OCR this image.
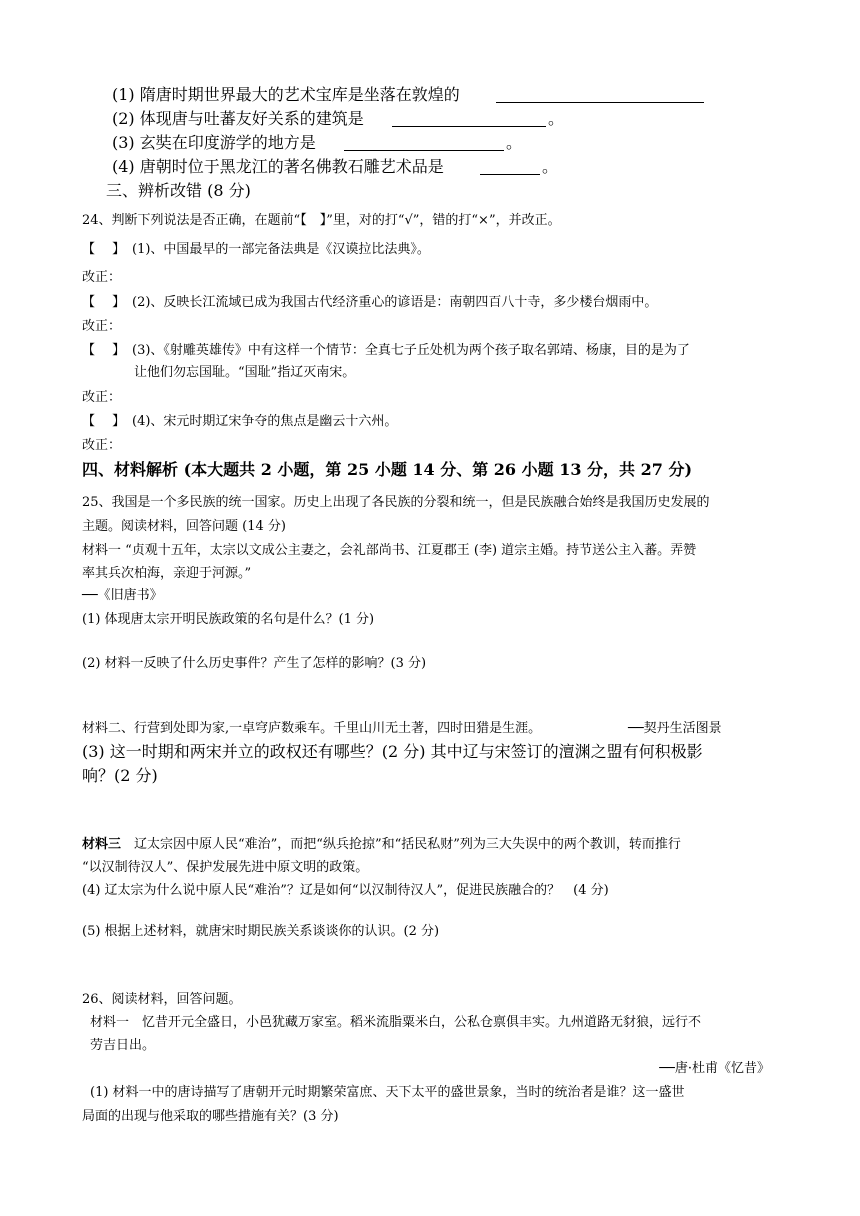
(1) 隋唐时期世界最大的艺术宝库是坐落在敦煌的
(2) 体现唐与吐蕃友好关系的建筑是	。
(3) 玄奘在印度游学的地方是	。
(4) 唐朝时位于黑龙江的著名佛教石雕艺术品是	。
三、辨析改错 (8 分)
24、判断下列说法是否正确，在题前“【　】”里，对的打“√”，错的打“×”，并改正。
【　 】 (1)、中国最早的一部完备法典是《汉谟拉比法典》。
改正：
【　 】 (2)、反映长江流域已成为我国古代经济重心的谚语是：南朝四百八十寺，多少楼台烟雨中。
改正：
【　 】 (3)、《射雕英雄传》中有这样一个情节：全真七子丘处机为两个孩子取名郭靖、杨康，目的是为了
让他们勿忘国耻。“国耻”指辽灭南宋。
改正：
【　 】 (4)、宋元时期辽宋争夺的焦点是幽云十六州。
改正：
四、材料解析 (本大题共 2 小题，第 25 小题 14 分、第 26 小题 13 分，共 27 分)
25、我国是一个多民族的统一国家。历史上出现了各民族的分裂和统一，但是民族融合始终是我国历史发展的
主题。阅读材料，回答问题 (14 分)
材料一 “贞观十五年，太宗以文成公主妻之，会礼部尚书、江夏郡王 (李) 道宗主婚。持节送公主入蕃。弄赞
率其兵次柏海，亲迎于河源。”
──《旧唐书》
(1) 体现唐太宗开明民族政策的名句是什么？(1 分)
(2) 材料一反映了什么历史事件？产生了怎样的影响？(3 分)
材料二、行营到处即为家,一卓穹庐数乘车。千里山川无土著，四时田猎是生涯。	──契丹生活图景
(3) 这一时期和两宋并立的政权还有哪些？(2 分) 其中辽与宋签订的澶渊之盟有何积极影
响？(2 分)
材料三 辽太宗因中原人民“难治”，而把“纵兵抢掠”和“括民私财”列为三大失误中的两个教训，转而推行
“以汉制待汉人”、保护发展先进中原文明的政策。
(4) 辽太宗为什么说中原人民“难治”？辽是如何“以汉制待汉人”，促进民族融合的？　(4 分)
(5) 根据上述材料，就唐宋时期民族关系谈谈你的认识。(2 分)
26、阅读材料，回答问题。
材料一　忆昔开元全盛日，小邑犹藏万家室。稻米流脂粟米白，公私仓禀俱丰实。九州道路无豺狼，远行不
劳吉日出。
──唐·杜甫《忆昔》
(1) 材料一中的唐诗描写了唐朝开元时期繁荣富庶、天下太平的盛世景象，当时的统治者是谁？这一盛世
局面的出现与他采取的哪些措施有关？(3 分)
